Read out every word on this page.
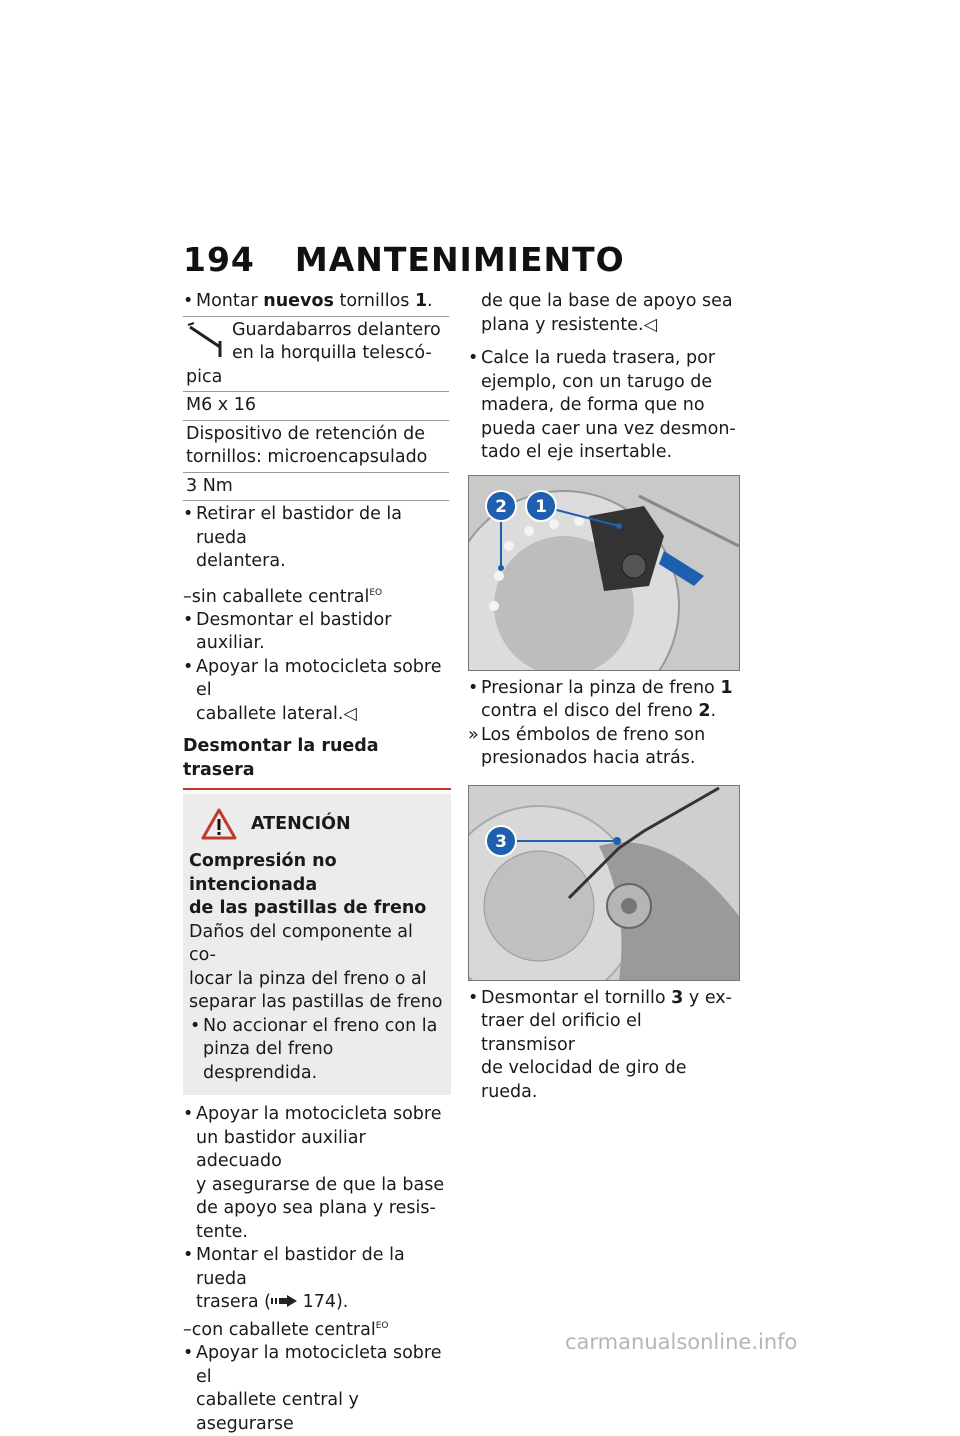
194 MANTENIMIENTO
• Montar nuevos tornillos 1.
Guardabarros delantero en la horquilla telescó-pica
M6 x 16
Dispositivo de retención de tornillos: microencapsulado
3 Nm
• Retirar el bastidor de la rueda
delantera.
–sin caballete central$^{EO}$
• Desmontar el bastidor auxiliar.
• Apoyar la motocicleta sobre el
caballete lateral.◁
Desmontar la rueda trasera
ATENCIÓN
Compresión no intencionada
de las pastillas de freno
Daños del componente al co-
locar la pinza del freno o al
separar las pastillas de freno
• No accionar el freno con la
pinza del freno desprendida.
• Apoyar la motocicleta sobre
un bastidor auxiliar adecuado
y asegurarse de que la base
de apoyo sea plana y resis-
tente.
• Montar el bastidor de la rueda
trasera ( 174).
–con caballete central$^{EO}$
• Apoyar la motocicleta sobre el
caballete central y asegurarse
de que la base de apoyo sea
plana y resistente.◁
• Calce la rueda trasera, por
ejemplo, con un tarugo de
madera, de forma que no
pueda caer una vez desmon-
tado el eje insertable.
2 1
• Presionar la pinza de freno 1
contra el disco del freno 2.
» Los émbolos de freno son
presionados hacia atrás.
3
• Desmontar el tornillo 3 y ex-
traer del orificio el transmisor
de velocidad de giro de rueda.
carmanualsonline.info
